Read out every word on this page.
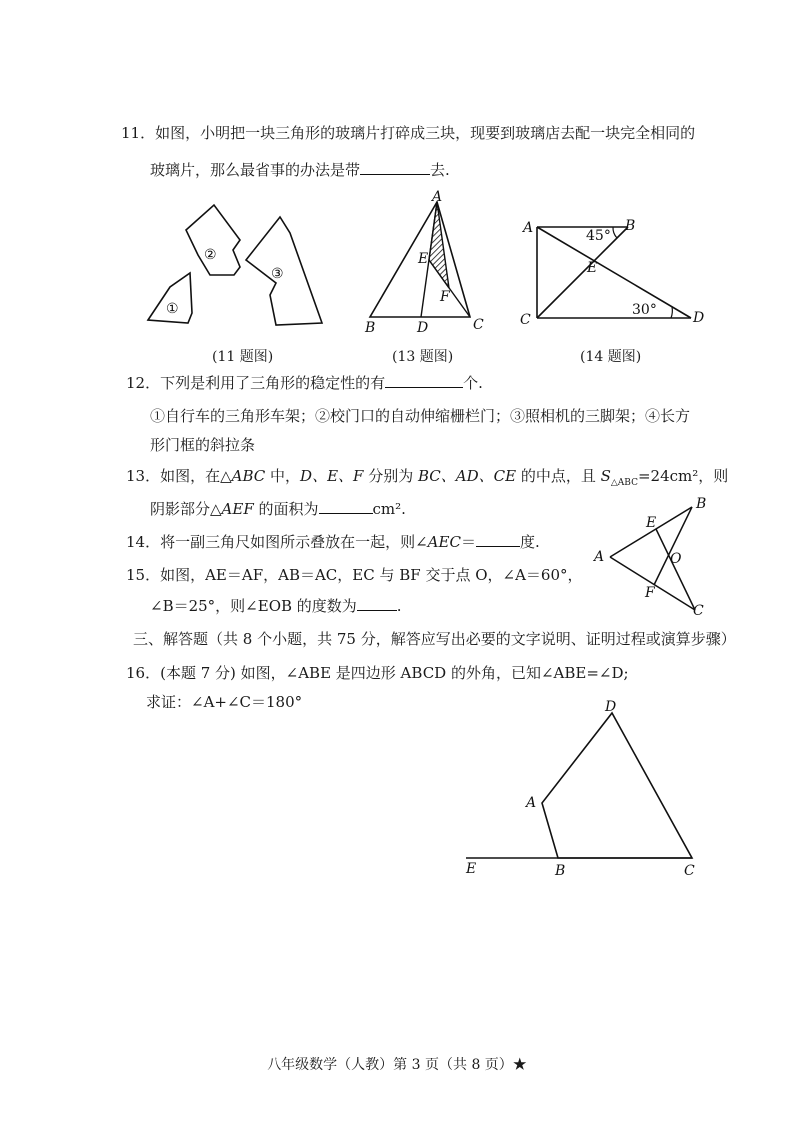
11．如图，小明把一块三角形的玻璃片打碎成三块，现要到玻璃店去配一块完全相同的
玻璃片，那么最省事的办法是带	去.
①
②
③
(11 题图)
A
B	C
D
E
F
(13 题图)
A	B
C	D
E
45°
30°
(14 题图)
12．下列是利用了三角形的稳定性的有	个.
①自行车的三角形车架；②校门口的自动伸缩栅栏门；③照相机的三脚架；④长方
形门框的斜拉条
13．如图，在△ABC 中，D、E、F 分别为 BC、AD、CE 的中点，且 $S_{\triangle ABC}=24cm^2$，则
阴影部分△AEF 的面积为	cm².
14．将一副三角尺如图所示叠放在一起，则∠AEC＝	度.
15．如图，AE＝AF，AB＝AC，EC 与 BF 交于点 O，∠A＝60°，
∠B＝25°，则∠EOB 的度数为	.
A
B
C
E
F
O
三、解答题（共 8 个小题，共 75 分，解答应写出必要的文字说明、证明过程或演算步骤）
16．(本题 7 分) 如图，∠ABE 是四边形 ABCD 的外角，已知∠ABE=∠D;
求证：∠A+∠C＝180°	D
A
B	C
E
八年级数学（人教）第 3 页（共 8 页）★
